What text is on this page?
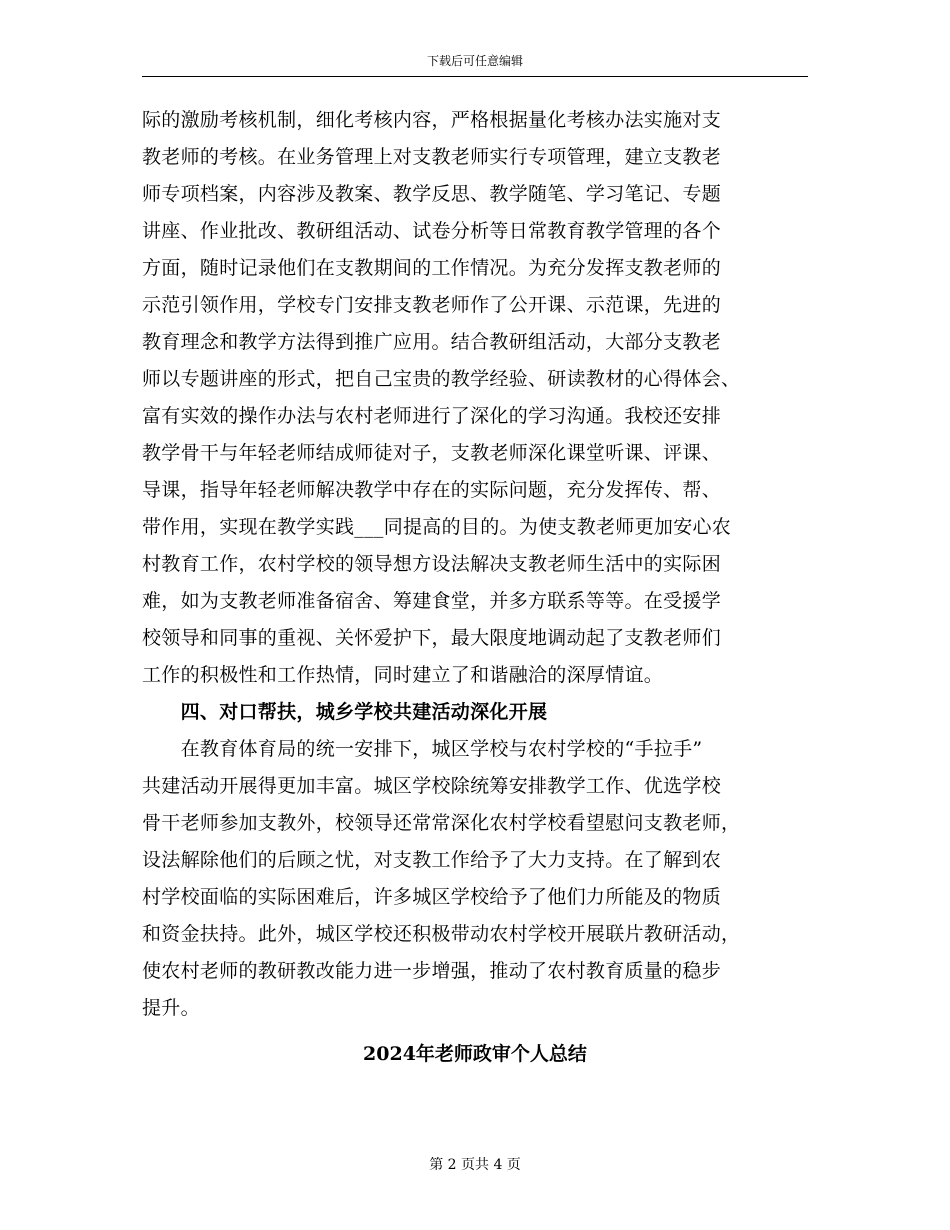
下载后可任意编辑
际的激励考核机制，细化考核内容，严格根据量化考核办法实施对支
教老师的考核。在业务管理上对支教老师实行专项管理，建立支教老
师专项档案，内容涉及教案、教学反思、教学随笔、学习笔记、专题
讲座、作业批改、教研组活动、试卷分析等日常教育教学管理的各个
方面，随时记录他们在支教期间的工作情况。为充分发挥支教老师的
示范引领作用，学校专门安排支教老师作了公开课、示范课，先进的
教育理念和教学方法得到推广应用。结合教研组活动，大部分支教老
师以专题讲座的形式，把自己宝贵的教学经验、研读教材的心得体会、
富有实效的操作办法与农村老师进行了深化的学习沟通。我校还安排
教学骨干与年轻老师结成师徒对子，支教老师深化课堂听课、评课、
导课，指导年轻老师解决教学中存在的实际问题，充分发挥传、帮、
带作用，实现在教学实践___同提高的目的。为使支教老师更加安心农
村教育工作，农村学校的领导想方设法解决支教老师生活中的实际困
难，如为支教老师准备宿舍、筹建食堂，并多方联系等等。在受援学
校领导和同事的重视、关怀爱护下，最大限度地调动起了支教老师们
工作的积极性和工作热情，同时建立了和谐融洽的深厚情谊。
　　四、对口帮扶，城乡学校共建活动深化开展
　　在教育体育局的统一安排下，城区学校与农村学校的“手拉手”
共建活动开展得更加丰富。城区学校除统筹安排教学工作、优选学校
骨干老师参加支教外，校领导还常常深化农村学校看望慰问支教老师，
设法解除他们的后顾之忧，对支教工作给予了大力支持。在了解到农
村学校面临的实际困难后，许多城区学校给予了他们力所能及的物质
和资金扶持。此外，城区学校还积极带动农村学校开展联片教研活动，
使农村老师的教研教改能力进一步增强，推动了农村教育质量的稳步
提升。
2024年老师政审个人总结
第 2 页共 4 页
